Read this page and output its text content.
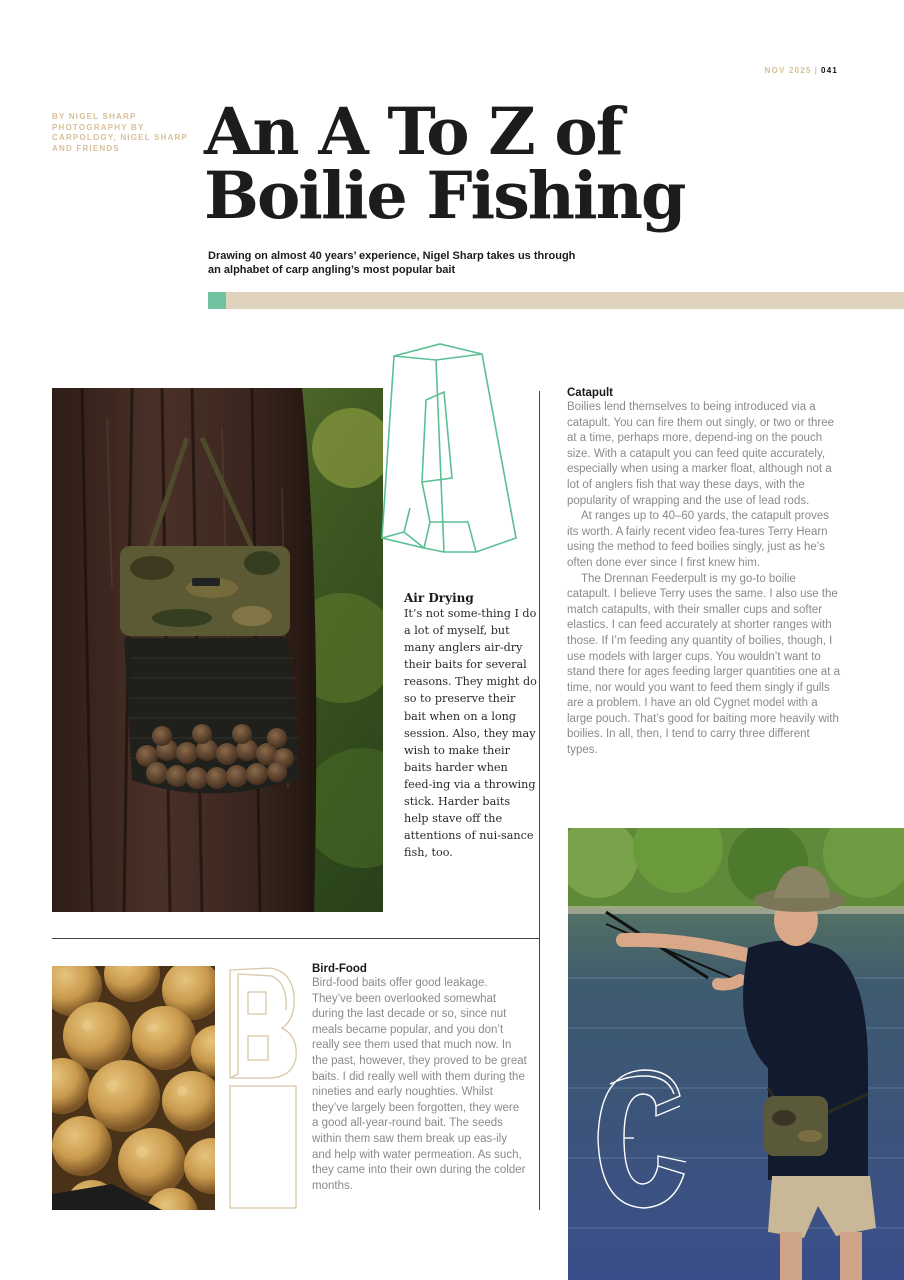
NOV 2025 | 041
BY NIGEL SHARP PHOTOGRAPHY BY CARPOLOGY, NIGEL SHARP AND FRIENDS	An A To Z of
Boilie Fishing
Drawing on almost 40 years’ experience, Nigel Sharp takes us through an alphabet of carp angling’s most popular bait
Air Drying
It’s not some-thing I do a lot of myself, but many anglers air-dry their baits for several reasons. They might do so to preserve their bait when on a long session. Also, they may wish to make their baits harder when feed-ing via a throwing stick. Harder baits help stave off the attentions of nui-sance fish, too.
Catapult

Boilies lend themselves to being introduced via a catapult. You can fire them out singly, or two or three at a time, perhaps more, depend-ing on the pouch size. With a catapult you can feed quite accurately, especially when using a marker float, although not a lot of anglers fish that way these days, with the popularity of wrapping and the use of lead rods.

At ranges up to 40–60 yards, the catapult proves its worth. A fairly recent video fea-tures Terry Hearn using the method to feed boilies singly, just as he’s often done ever since I first knew him.

The Drennan Feederpult is my go-to boilie catapult. I believe Terry uses the same. I also use the match catapults, with their smaller cups and softer elastics. I can feed accurately at shorter ranges with those. If I’m feeding any quantity of boilies, though, I use models with larger cups. You wouldn’t want to stand there for ages feeding larger quantities one at a time, nor would you want to feed them singly if gulls are a problem. I have an old Cygnet model with a large pouch. That’s good for baiting more heavily with boilies. In all, then, I tend to carry three different types.

Bird-Food
Bird-food baits offer good leakage. They’ve been overlooked somewhat during the last decade or so, since nut meals became popular, and you don’t really see them used that much now. In the past, however, they proved to be great baits. I did really well with them during the nineties and early noughties. Whilst they’ve largely been forgotten, they were a good all-year-round bait. The seeds within them saw them break up eas-ily and help with water permeation. As such, they came into their own during the colder months.
